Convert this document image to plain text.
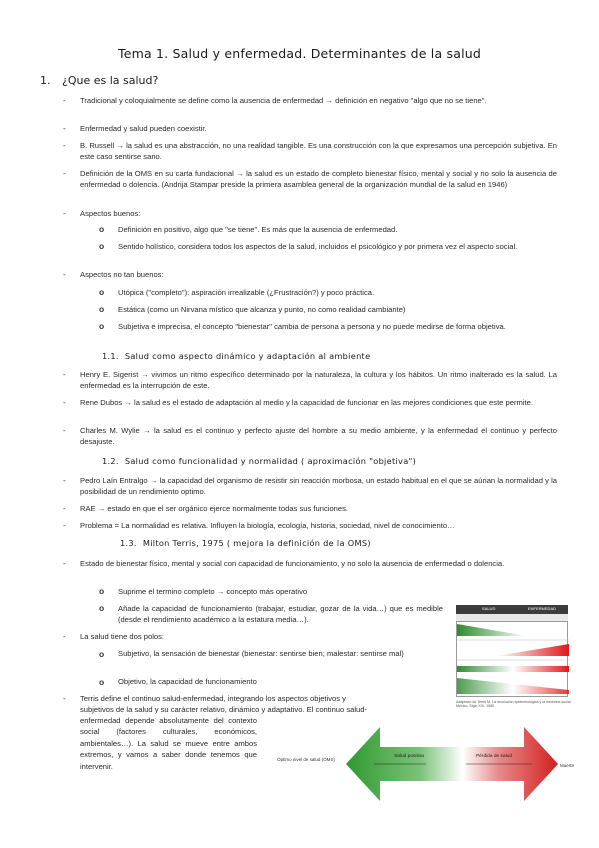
Tema 1. Salud y enfermedad. Determinantes de la salud
1. ¿Que es la salud?
- Tradicional y coloquialmente se define como la ausencia de enfermedad → definición en negativo "algo que no se tiene".
- Enfermedad y salud pueden coexistir.
- B. Russell → la salud es una abstracción, no una realidad tangible. Es una construcción con la que expresamos una percepción subjetiva. En este caso sentirse sano.
- Definición de la OMS en su carta fundacional → la salud es un estado de completo bienestar físico, mental y social y no solo la ausencia de enfermedad o dolencia. (Andrija Stampar preside la primera asamblea general de la organización mundial de la salud en 1946)
- Aspectos buenos:
o Definición en positivo, algo que "se tiene". Es más que la ausencia de enfermedad.
o Sentido holístico, considera todos los aspectos de la salud, incluidos el psicológico y por primera vez el aspecto social.
- Aspectos no tan buenos:
o Utópica ("completo"): aspiración irrealizable (¿Frustración?) y poco práctica.
o Estática (como un Nirvana místico que alcanza y punto, no como realidad cambiante)
o Subjetiva e imprecisa, el concepto "bienestar" cambia de persona a persona y no puede medirse de forma objetiva.
1.1. Salud como aspecto dinámico y adaptación al ambiente
- Henry E. Sigerist → vivimos un ritmo específico determinado por la naturaleza, la cultura y los hábitos. Un ritmo inalterado es la salud. La enfermedad es la interrupción de este.
- Rene Dubos → la salud es el estado de adaptación al medio y la capacidad de funcionar en las mejores condiciones que este permite.
- Charles M. Wylie → la salud es el continuo y perfecto ajuste del hombre a su medio ambiente, y la enfermedad el continuo y perfecto desajuste.
1.2. Salud como funcionalidad y normalidad ( aproximación "objetiva")
- Pedro Laín Entralgo → la capacidad del organismo de resistir sin reacción morbosa, un estado habitual en el que se aúnan la normalidad y la posibilidad de un rendimiento optimo.
- RAE → estado en que el ser orgánico ejerce normalmente todas sus funciones.
- Problema = La normalidad es relativa. Influyen la biología, ecología, historia, sociedad, nivel de conocimiento…
1.3. Milton Terris, 1975 ( mejora la definición de la OMS)
- Estado de bienestar físico, mental y social con capacidad de funcionamiento, y no solo la ausencia de enfermedad o dolencia.
o Suprime el termino completo → concepto más operativo
o Añade la capacidad de funcionamiento (trabajar, estudiar, gozar de la vida…) que es medible (desde el rendimiento académico a la estatura media…).
- La salud tiene dos polos:
o Subjetivo, la sensación de bienestar (bienestar: sentirse bien; malestar: sentirse mal)
o Objetivo, la capacidad de funcionamiento
- Terris define el continuo salud-enfermedad, integrando los aspectos objetivos y
subjetivos de la salud y su carácter relativo, dinámico y adaptativo. El continuo salud-
enfermedad depende absolutamente del contexto social (factores culturales, económicos, ambientales…). La salud se mueve entre ambos extremos, y vamos a saber donde tenemos que intervenir.
SALUD	ENFERMEDAD
Adaptado de Terris M. La revolución epidemiológica y la medicina social. México, Siglo XXI, 1980
Óptimo nivel de salud (OMS)
Muerte
Salud positiva	Pérdida de salud
